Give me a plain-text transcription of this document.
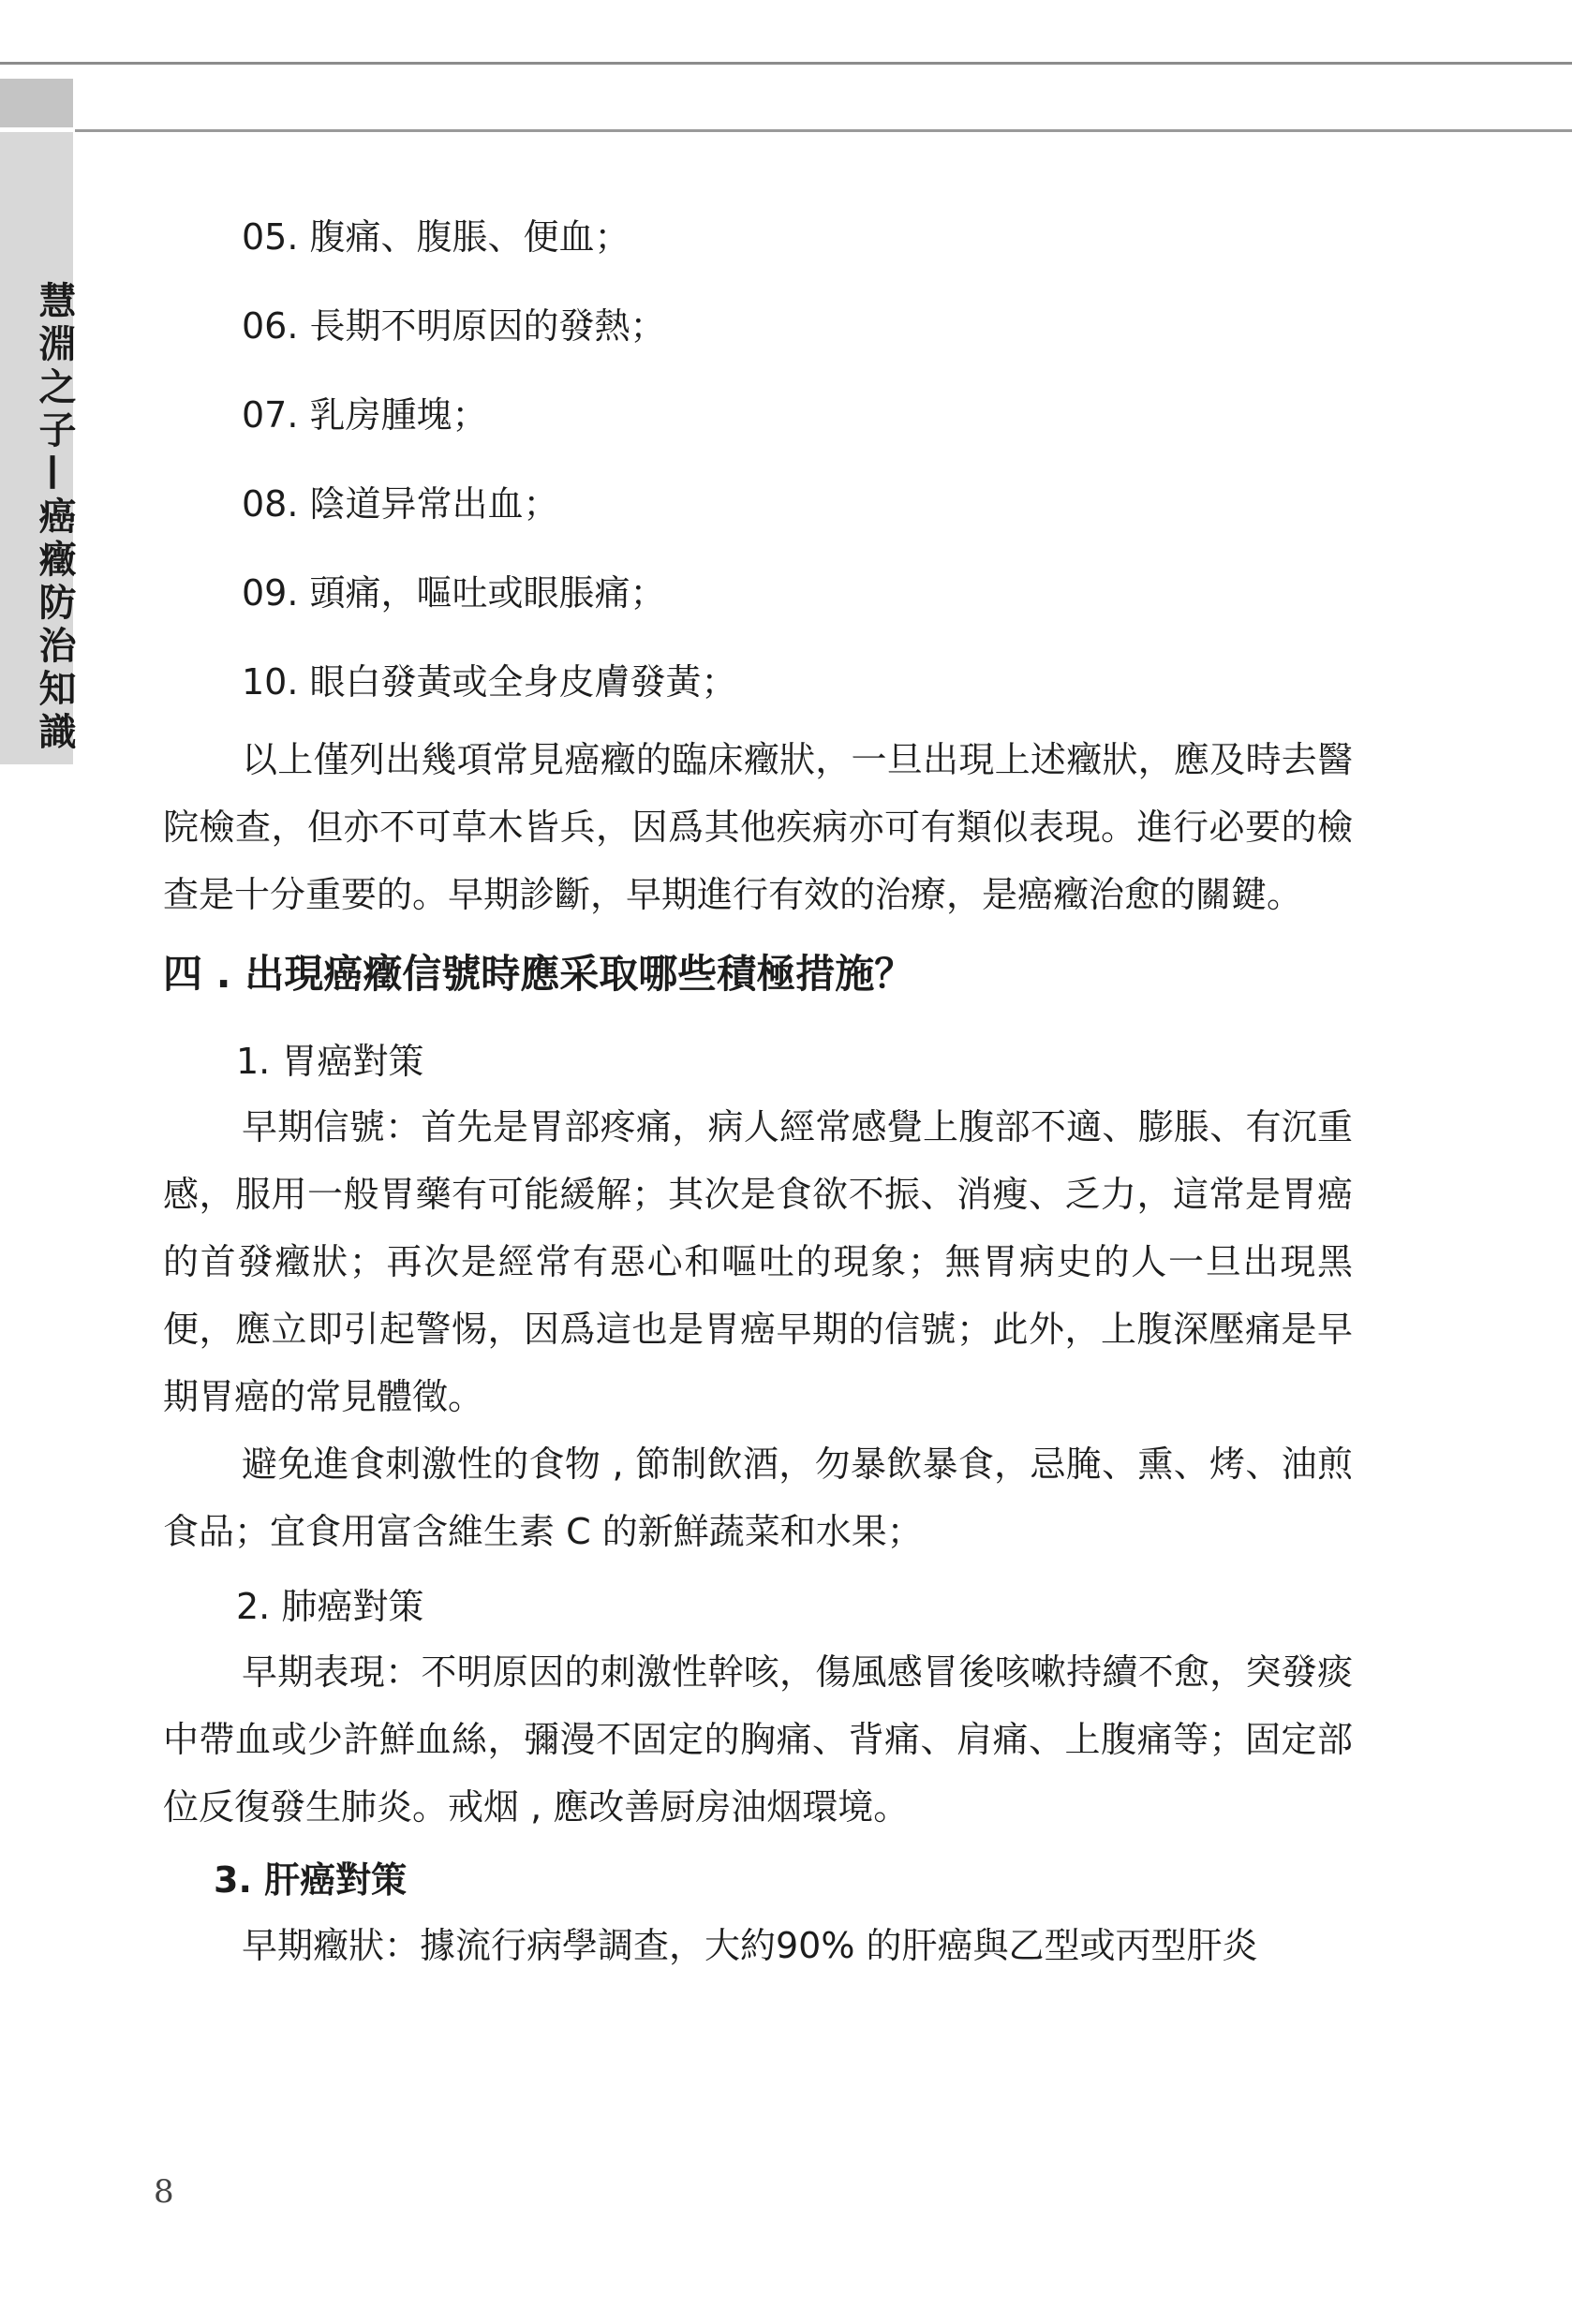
慧淵之子—癌癥防治知識

05. 腹痛、腹脹、便血；

06. 長期不明原因的發熱；

07. 乳房腫塊；

08. 陰道异常出血；

09. 頭痛，嘔吐或眼脹痛；

10. 眼白發黃或全身皮膚發黃；

以上僅列出幾項常見癌癥的臨床癥狀，一旦出現上述癥狀，應及時去醫院檢查，但亦不可草木皆兵，因爲其他疾病亦可有類似表現。進行必要的檢查是十分重要的。早期診斷，早期進行有效的治療，是癌癥治愈的關鍵。

四 . 出現癌癥信號時應采取哪些積極措施？

1. 胃癌對策

早期信號：首先是胃部疼痛，病人經常感覺上腹部不適、膨脹、有沉重感，服用一般胃藥有可能緩解；其次是食欲不振、消瘦、乏力，這常是胃癌的首發癥狀；再次是經常有惡心和嘔吐的現象；無胃病史的人一旦出現黑便，應立即引起警惕，因爲這也是胃癌早期的信號；此外，上腹深壓痛是早期胃癌的常見體徵。

避免進食刺激性的食物 , 節制飲酒，勿暴飲暴食，忌腌、熏、烤、油煎食品；宜食用富含維生素 C 的新鮮蔬菜和水果；

2. 肺癌對策

早期表現：不明原因的刺激性幹咳，傷風感冒後咳嗽持續不愈，突發痰中帶血或少許鮮血絲，彌漫不固定的胸痛、背痛、肩痛、上腹痛等；固定部位反復發生肺炎。戒烟 , 應改善厨房油烟環境。

3. 肝癌對策

早期癥狀：據流行病學調查，大約90% 的肝癌與乙型或丙型肝炎

8
